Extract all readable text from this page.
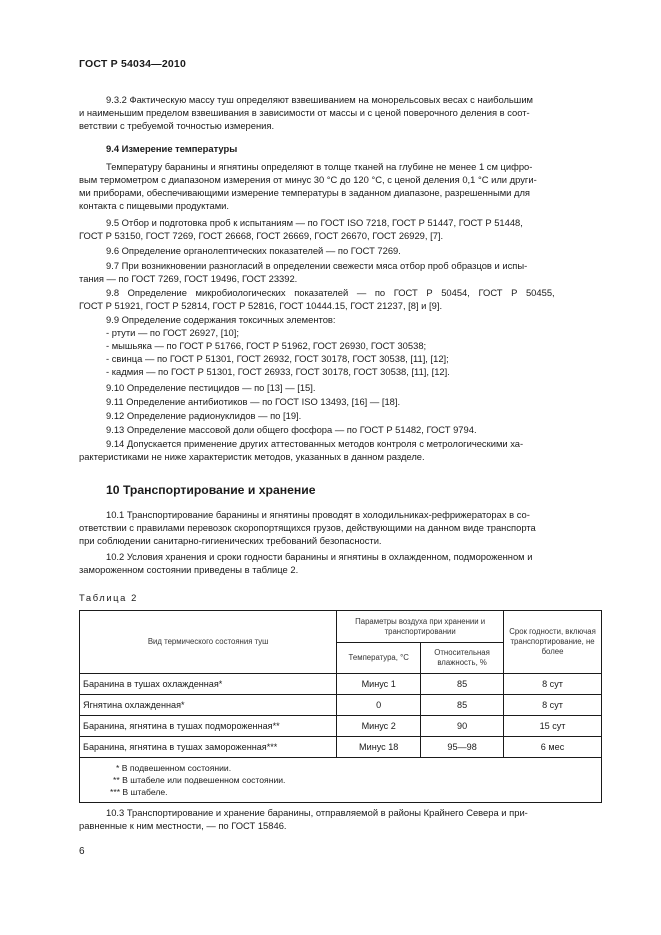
ГОСТ Р 54034—2010
9.3.2 Фактическую массу туш определяют взвешиванием на монорельсовых весах с наибольшим
и наименьшим пределом взвешивания в зависимости от массы и с ценой поверочного деления в соот-
ветствии с требуемой точностью измерения.
9.4 Измерение температуры
Температуру баранины и ягнятины определяют в толще тканей на глубине не менее 1 см цифро-
вым термометром с диапазоном измерения от минус 30 °С до 120 °С, с ценой деления 0,1 °С или други-
ми приборами, обеспечивающими измерение температуры в заданном диапазоне, разрешенными для
контакта с пищевыми продуктами.
9.5 Отбор и подготовка проб к испытаниям — по ГОСТ ISO 7218, ГОСТ Р 51447, ГОСТ Р 51448,
ГОСТ Р 53150, ГОСТ 7269, ГОСТ 26668, ГОСТ 26669, ГОСТ 26670, ГОСТ 26929, [7].
9.6 Определение органолептических показателей — по ГОСТ 7269.
9.7 При возникновении разногласий в определении свежести мяса отбор проб образцов и испы-
тания — по ГОСТ 7269, ГОСТ 19496, ГОСТ 23392.
9.8 Определение микробиологических показателей — по ГОСТ Р 50454, ГОСТ Р 50455,
ГОСТ Р 51921, ГОСТ Р 52814, ГОСТ Р 52816, ГОСТ 10444.15, ГОСТ 21237, [8] и [9].
9.9 Определение содержания токсичных элементов:
- ртути — по ГОСТ 26927, [10];
- мышьяка — по ГОСТ Р 51766, ГОСТ Р 51962, ГОСТ 26930, ГОСТ 30538;
- свинца — по ГОСТ Р 51301, ГОСТ 26932, ГОСТ 30178, ГОСТ 30538, [11], [12];
- кадмия — по ГОСТ Р 51301, ГОСТ 26933, ГОСТ 30178, ГОСТ 30538, [11], [12].
9.10 Определение пестицидов — по [13] — [15].
9.11 Определение антибиотиков — по ГОСТ ISO 13493, [16] — [18].
9.12 Определение радионуклидов — по [19].
9.13 Определение массовой доли общего фосфора — по ГОСТ Р 51482, ГОСТ 9794.
9.14 Допускается применение других аттестованных методов контроля с метрологическими ха-
рактеристиками не ниже характеристик методов, указанных в данном разделе.
10 Транспортирование и хранение
10.1 Транспортирование баранины и ягнятины проводят в холодильниках-рефрижераторах в со-
ответствии с правилами перевозок скоропортящихся грузов, действующими на данном виде транспорта
при соблюдении санитарно-гигиенических требований безопасности.
10.2 Условия хранения и сроки годности баранины и ягнятины в охлажденном, подмороженном и
замороженном состоянии приведены в таблице 2.
Таблица 2
Вид термического состояния туш	Параметры воздуха при хранении и транспортировании		Срок годности, включая транспортирование, не более
	Температура, °С	Относительная влажность, %	
Баранина в тушах охлажденная*	Минус 1	85	8 сут
Ягнятина охлажденная*	0	85	8 сут
Баранина, ягнятина в тушах подмороженная**	Минус 2	90	15 сут
Баранина, ягнятина в тушах замороженная***	Минус 18	95—98	6 мес

* В подвешенном состоянии.
** В штабеле или подвешенном состоянии.
*** В штабеле.			
10.3 Транспортирование и хранение баранины, отправляемой в районы Крайнего Севера и при-
равненные к ним местности, — по ГОСТ 15846.
6
